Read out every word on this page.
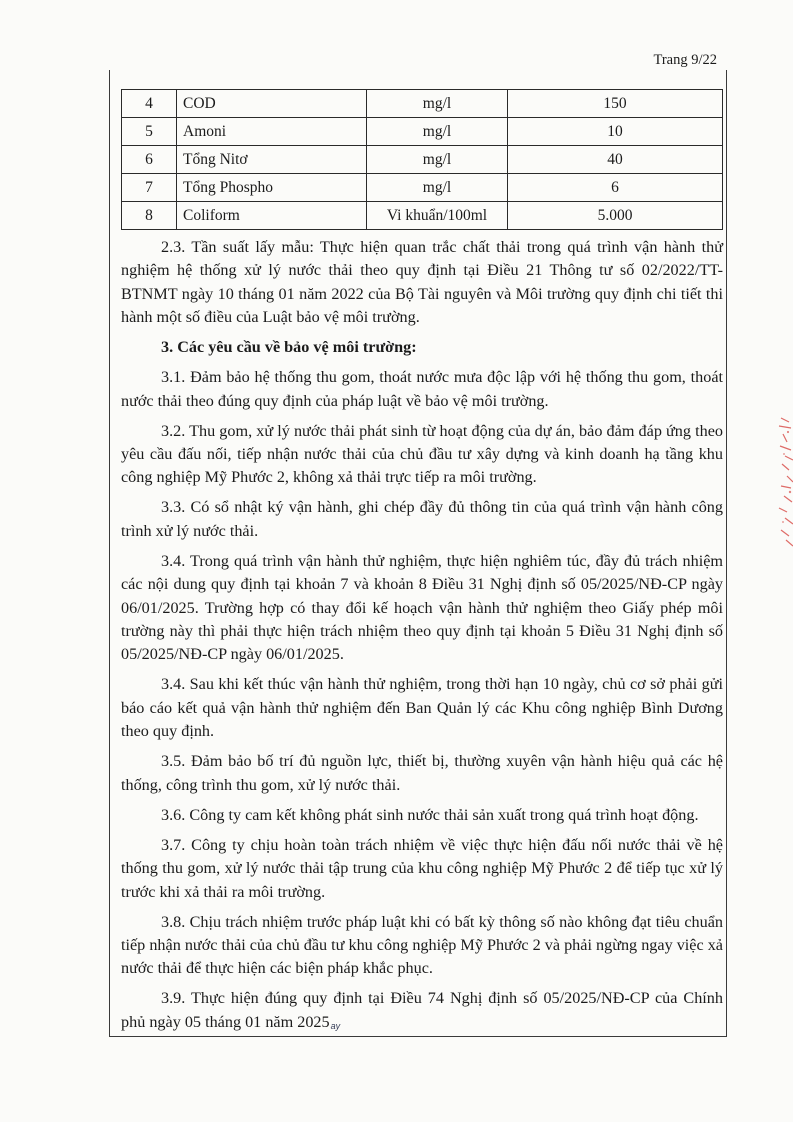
Trang 9/22
4	COD	mg/l	150
5	Amoni	mg/l	10
6	Tổng Nitơ	mg/l	40
7	Tổng Phospho	mg/l	6
8	Coliform	Vi khuẩn/100ml	5.000

2.3. Tần suất lấy mẫu: Thực hiện quan trắc chất thải trong quá trình vận hành thử nghiệm hệ thống xử lý nước thải theo quy định tại Điều 21 Thông tư số 02/2022/TT-BTNMT ngày 10 tháng 01 năm 2022 của Bộ Tài nguyên và Môi trường quy định chi tiết thi hành một số điều của Luật bảo vệ môi trường.

3. Các yêu cầu về bảo vệ môi trường:

3.1. Đảm bảo hệ thống thu gom, thoát nước mưa độc lập với hệ thống thu gom, thoát nước thải theo đúng quy định của pháp luật về bảo vệ môi trường.

3.2. Thu gom, xử lý nước thải phát sinh từ hoạt động của dự án, bảo đảm đáp ứng theo yêu cầu đấu nối, tiếp nhận nước thải của chủ đầu tư xây dựng và kinh doanh hạ tầng khu công nghiệp Mỹ Phước 2, không xả thải trực tiếp ra môi trường.

3.3. Có sổ nhật ký vận hành, ghi chép đầy đủ thông tin của quá trình vận hành công trình xử lý nước thải.

3.4. Trong quá trình vận hành thử nghiệm, thực hiện nghiêm túc, đầy đủ trách nhiệm các nội dung quy định tại khoản 7 và khoản 8 Điều 31 Nghị định số 05/2025/NĐ-CP ngày 06/01/2025. Trường hợp có thay đổi kế hoạch vận hành thử nghiệm theo Giấy phép môi trường này thì phải thực hiện trách nhiệm theo quy định tại khoản 5 Điều 31 Nghị định số 05/2025/NĐ-CP ngày 06/01/2025.

3.4. Sau khi kết thúc vận hành thử nghiệm, trong thời hạn 10 ngày, chủ cơ sở phải gửi báo cáo kết quả vận hành thử nghiệm đến Ban Quản lý các Khu công nghiệp Bình Dương theo quy định.

3.5. Đảm bảo bố trí đủ nguồn lực, thiết bị, thường xuyên vận hành hiệu quả các hệ thống, công trình thu gom, xử lý nước thải.

3.6. Công ty cam kết không phát sinh nước thải sản xuất trong quá trình hoạt động.

3.7. Công ty chịu hoàn toàn trách nhiệm về việc thực hiện đấu nối nước thải về hệ thống thu gom, xử lý nước thải tập trung của khu công nghiệp Mỹ Phước 2 để tiếp tục xử lý trước khi xả thải ra môi trường.

3.8. Chịu trách nhiệm trước pháp luật khi có bất kỳ thông số nào không đạt tiêu chuẩn tiếp nhận nước thải của chủ đầu tư khu công nghiệp Mỹ Phước 2 và phải ngừng ngay việc xả nước thải để thực hiện các biện pháp khắc phục.

3.9. Thực hiện đúng quy định tại Điều 74 Nghị định số 05/2025/NĐ-CP của Chính phủ ngày 05 tháng 01 năm 2025ay
